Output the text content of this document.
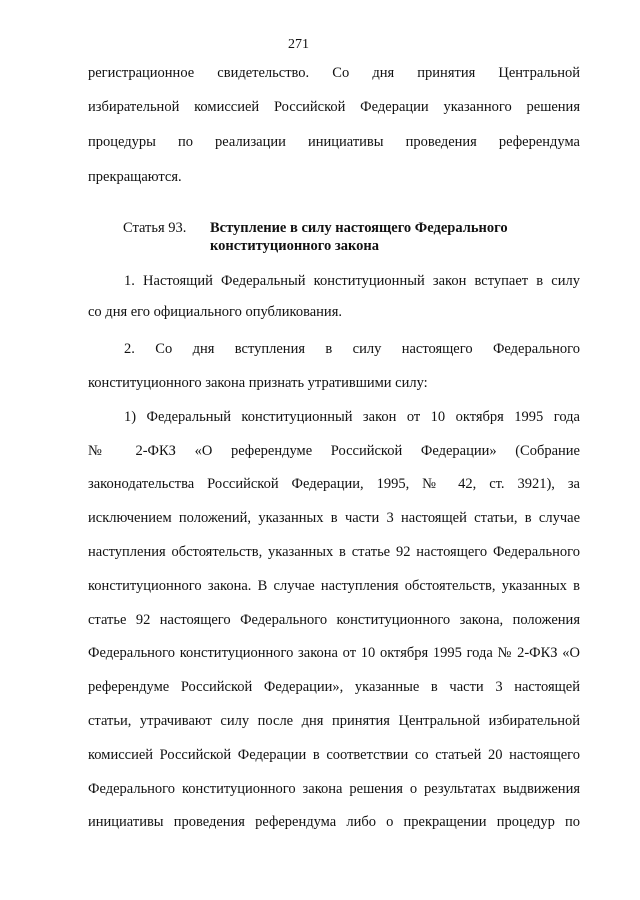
271
регистрационное свидетельство. Со дня принятия Центральной
избирательной комиссией Российской Федерации указанного решения
процедуры по реализации инициативы проведения референдума
прекращаются.
Статья 93. Вступление в силу настоящего Федерального
конституционного закона
1. Настоящий Федеральный конституционный закон вступает в силу
со дня его официального опубликования.
2. Со дня вступления в силу настоящего Федерального
конституционного закона признать утратившими силу:
1) Федеральный конституционный закон от 10 октября 1995 года
№ 2-ФКЗ «О референдуме Российской Федерации» (Собрание
законодательства Российской Федерации, 1995, № 42, ст. 3921), за
исключением положений, указанных в части 3 настоящей статьи, в случае
наступления обстоятельств, указанных в статье 92 настоящего Федерального
конституционного закона. В случае наступления обстоятельств, указанных в
статье 92 настоящего Федерального конституционного закона, положения
Федерального конституционного закона от 10 октября 1995 года № 2-ФКЗ «О
референдуме Российской Федерации», указанные в части 3 настоящей
статьи, утрачивают силу после дня принятия Центральной избирательной
комиссией Российской Федерации в соответствии со статьей 20 настоящего
Федерального конституционного закона решения о результатах выдвижения
инициативы проведения референдума либо о прекращении процедур по
